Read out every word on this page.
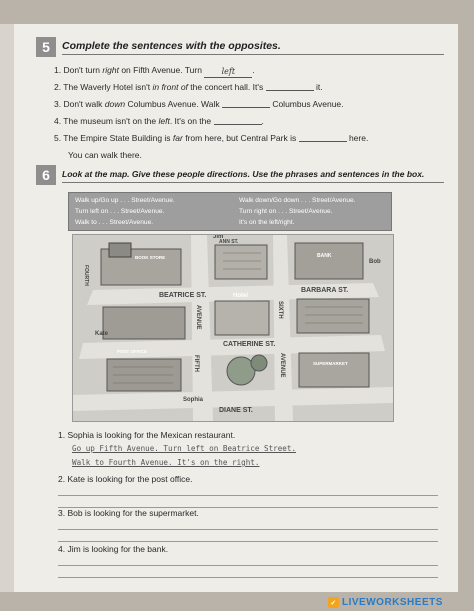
5	Complete the sentences with the opposites.
1. Don't turn right on Fifth Avenue. Turn left .
2. The Waverly Hotel isn't in front of the concert hall. It's	it.
3. Don't walk down Columbus Avenue. Walk	Columbus Avenue.
4. The museum isn't on the left. It's on the	.
5. The Empire State Building is far from here, but Central Park is	here.
You can walk there.
6	Look at the map. Give these people directions. Use the phrases and sentences in the box.
Walk up/Go up . . . Street/Avenue.
Turn left on . . . Street/Avenue.
Walk to . . . Street/Avenue.
Walk down/Go down . . . Street/Avenue.
Turn right on . . . Street/Avenue.
It's on the left/right.
BEATRICE ST.
BARBARA ST.
CATHERINE ST.
DIANE ST.
ANN ST.
FOURTH
FIFTH
AVENUE	SIXTH
AVENUE
Jim
Bob
Kate
Sophia
Hotel
BANK
BOOK STORE
POST OFFICE
SUPERMARKET
1. Sophia is looking for the Mexican restaurant.
Go up Fifth Avenue. Turn left on Beatrice Street.
Walk to Fourth Avenue. It's on the right.
2. Kate is looking for the post office.
3. Bob is looking for the supermarket.
4. Jim is looking for the bank.
✓ LIVEWORKSHEETS
